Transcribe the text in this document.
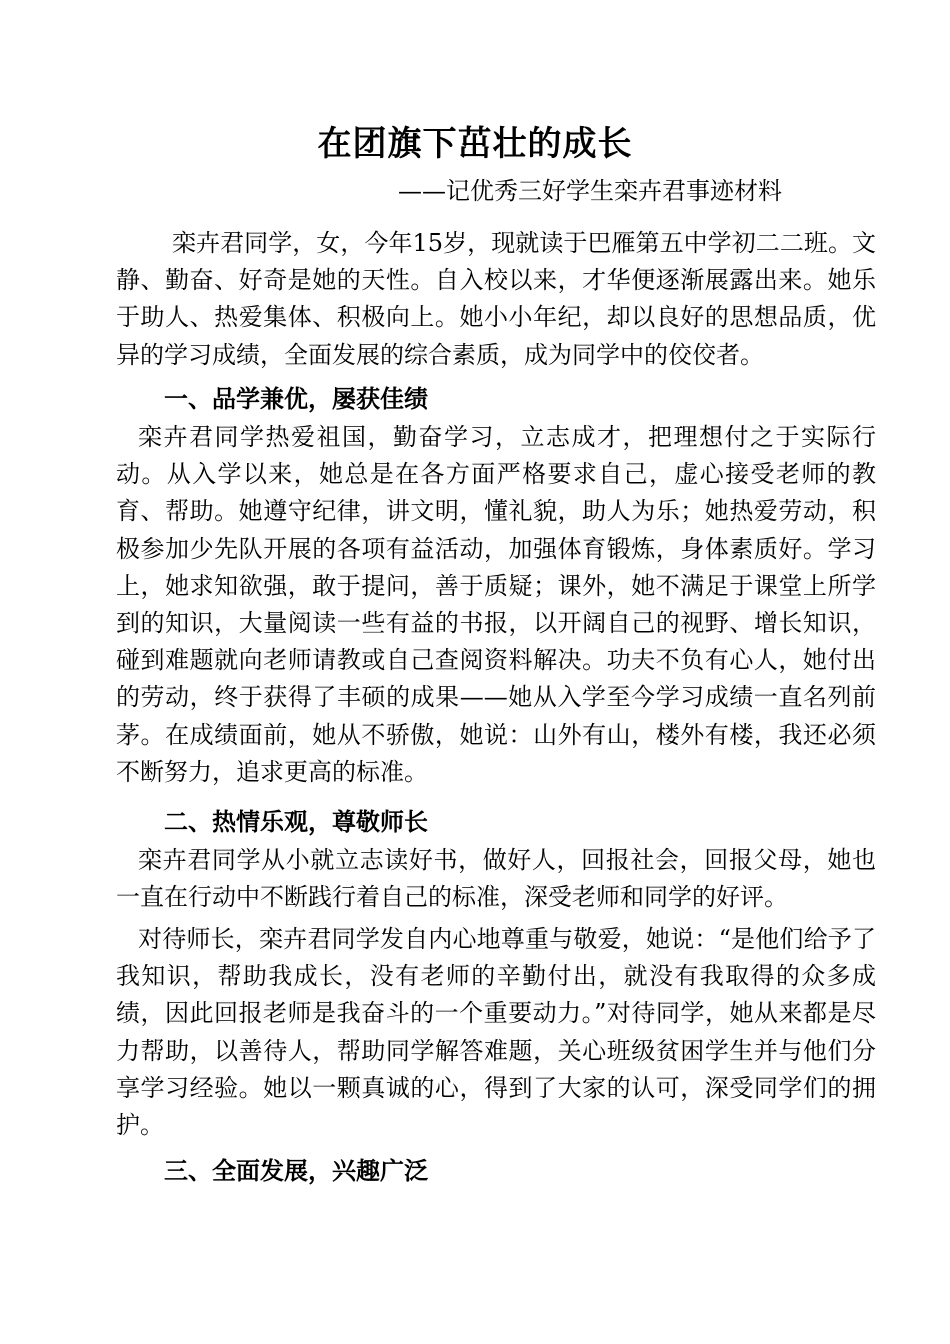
在团旗下茁壮的成长
——记优秀三好学生栾卉君事迹材料

栾卉君同学，女，今年15岁，现就读于巴雁第五中学初二二班。文静、勤奋、好奇是她的天性。自入校以来，才华便逐渐展露出来。她乐于助人、热爱集体、积极向上。她小小年纪，却以良好的思想品质，优异的学习成绩，全面发展的综合素质，成为同学中的佼佼者。

一、品学兼优，屡获佳绩

栾卉君同学热爱祖国，勤奋学习，立志成才，把理想付之于实际行动。从入学以来，她总是在各方面严格要求自己，虚心接受老师的教育、帮助。她遵守纪律，讲文明，懂礼貌，助人为乐；她热爱劳动，积极参加少先队开展的各项有益活动，加强体育锻炼，身体素质好。学习上，她求知欲强，敢于提问，善于质疑；课外，她不满足于课堂上所学到的知识，大量阅读一些有益的书报，以开阔自己的视野、增长知识，碰到难题就向老师请教或自己查阅资料解决。功夫不负有心人，她付出的劳动，终于获得了丰硕的成果——她从入学至今学习成绩一直名列前茅。在成绩面前，她从不骄傲，她说：山外有山，楼外有楼，我还必须不断努力，追求更高的标准。

二、热情乐观，尊敬师长

栾卉君同学从小就立志读好书，做好人，回报社会，回报父母，她也一直在行动中不断践行着自己的标准，深受老师和同学的好评。

对待师长，栾卉君同学发自内心地尊重与敬爱，她说：“是他们给予了我知识，帮助我成长，没有老师的辛勤付出，就没有我取得的众多成绩，因此回报老师是我奋斗的一个重要动力。”对待同学，她从来都是尽力帮助，以善待人，帮助同学解答难题，关心班级贫困学生并与他们分享学习经验。她以一颗真诚的心，得到了大家的认可，深受同学们的拥护。

三、全面发展，兴趣广泛
